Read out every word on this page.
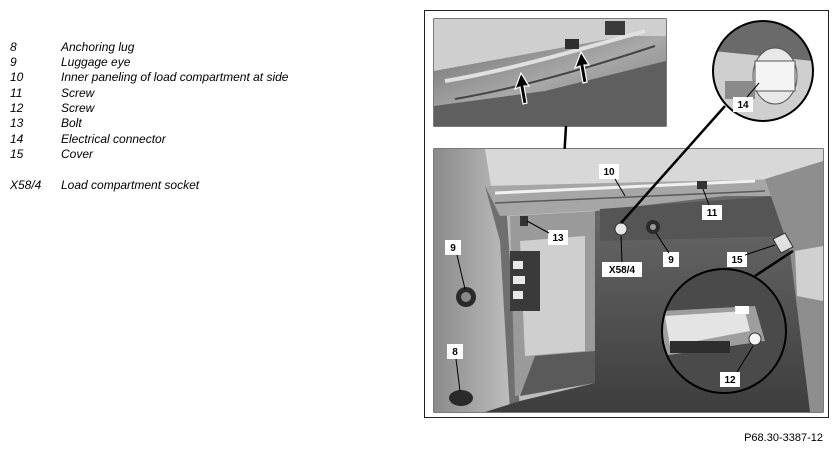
8	Anchoring lug
9	Luggage eye
10	Inner paneling of load compartment at side
11	Screw
12	Screw
13	Bolt
14	Electrical connector
15	Cover
X58/4	Load compartment socket
8
9
9
10
11
12
13
14
15
X58/4
P68.30-3387-12
